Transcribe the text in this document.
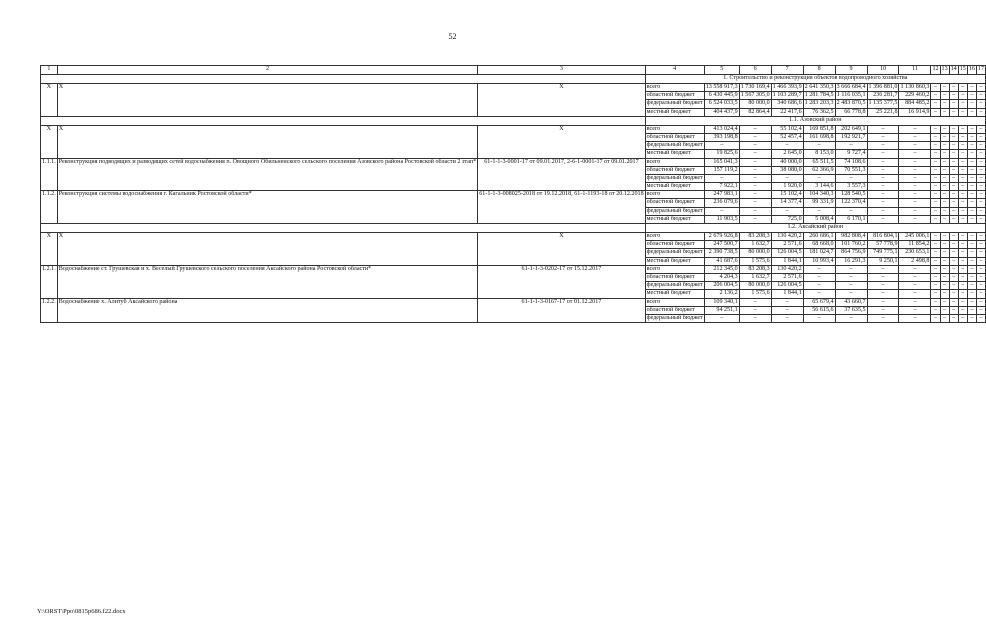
52
1	2	3	4	5	6	7	8	9	10	11	12	13	14	15	16	17
			1. Строительство и реконструкция объектов водопроводного хозяйства													
Х	Х	Х	всего	13 558 917,3	1 730 169,4	1 466 393,9	2 641 350,3	3 666 684,4	1 396 881,0	1 130 860,3	–	–	–	–	–	–
			областной бюджет	6 430 445,9	1 567 305,0	1 103 289,7	1 281 784,5	1 116 035,1	236 281,7	229 460,2	–	–	–	–	–	–
			федеральный бюджет	6 524 033,5	80 000,0	340 686,6	1 283 203,3	2 483 870,5	1 135 377,5	884 485,2	–	–	–	–	–	–
			местный бюджет	404 437,9	82 864,4	22 417,6	76 362,5	66 778,8	25 221,8	16 914,9	–	–	–	–	–	–
			1.1. Азовский район													
Х	Х	Х	всего	413 024,4	–	55 102,4	169 851,8	202 649,1	–	–	–	–	–	–	–	–
			областной бюджет	393 198,8	–	52 457,4	161 698,8	192 921,7	–	–	–	–	–	–	–	–
			федеральный бюджет	–	–	–	–	–	–	–	–	–	–	–	–	–
			местный бюджет	19 825,6	–	2 645,0	8 153,0	9 727,4	–	–	–	–	–	–	–	–
1.1.1.	Реконструкция подводящих и разводящих сетей водоснабжения п. Овощного Обильненского сельского поселения Азовского района Ростовской области 2 этап*	61-1-1-3-0001-17 от 09.01.2017, 2-6-1-0001-17 от 09.01.2017	всего	165 041,3	–	40 000,0	65 511,5	74 108,6	–	–	–	–	–	–	–	–
			областной бюджет	157 119,2	–	38 080,0	62 366,9	70 551,3	–	–	–	–	–	–	–	–
			федеральный бюджет	–	–	–	–	–	–	–	–	–	–	–	–	–
			местный бюджет	7 922,1	–	1 920,0	3 144,6	3 557,3	–	–	–	–	–	–	–	–
1.1.2.	Реконструкция системы водоснабжения г. Кагальник Ростовской области*	61-1-1-3-008025-2018 от 19.12.2018, 61-1-1193-18 от 20.12.2018	всего	247 983,1	–	15 102,4	104 340,3	128 540,5	–	–	–	–	–	–	–	–
			областной бюджет	236 079,6	–	14 377,4	99 331,9	122 370,4	–	–	–	–	–	–	–	–
			федеральный бюджет	–	–	–	–	–	–	–	–	–	–	–	–	–
			местный бюджет	11 903,5	–	725,0	5 008,4	6 170,1	–	–	–	–	–	–	–	–
			1.2. Аксайский район													
Х	Х	Х	всего	2 679 926,8	83 208,3	130 420,2	260 686,1	982 808,4	816 804,1	245 006,1	–	–	–	–	–	–
			областной бюджет	247 500,7	1 632,7	2 571,6	68 668,0	101 760,2	57 778,9	11 854,2	–	–	–	–	–	–
			федеральный бюджет	2 390 738,5	80 000,0	126 004,5	181 024,7	864 756,9	749 775,1	230 653,1	–	–	–	–	–	–
			местный бюджет	41 687,6	1 575,6	1 844,1	10 993,4	16 291,3	9 250,1	2 498,8	–	–	–	–	–	–
1.2.1.	Водоснабжение ст. Грушевская и х. Веселый Грушевского сельского поселения Аксайского района Ростовской области*	61-1-1-3-0202-17 от 15.12.2017	всего	212 345,0	83 208,3	130 420,2	–	–	–	–	–	–	–	–	–	–
			областной бюджет	4 204,3	1 632,7	2 571,6	–	–	–	–	–	–	–	–	–	–
			федеральный бюджет	206 004,5	80 000,0	126 004,5	–	–	–	–	–	–	–	–	–	–
			местный бюджет	2 136,2	1 575,6	1 844,1	–	–	–	–	–	–	–	–	–	–
1.2.2.	Водоснабжение х. Алитуб Аксайского района	61-1-1-3-0167-17 от 01.12.2017	всего	109 340,1	–	–	65 679,4	43 660,7	–	–	–	–	–	–	–	–
			областной бюджет	94 251,1	–	–	56 615,6	37 635,5	–	–	–	–	–	–	–	–
			федеральный бюджет	–	–	–	–	–	–	–	–	–	–	–	–	–
Y:\ORST\Ppo\0815p686.f22.docx
